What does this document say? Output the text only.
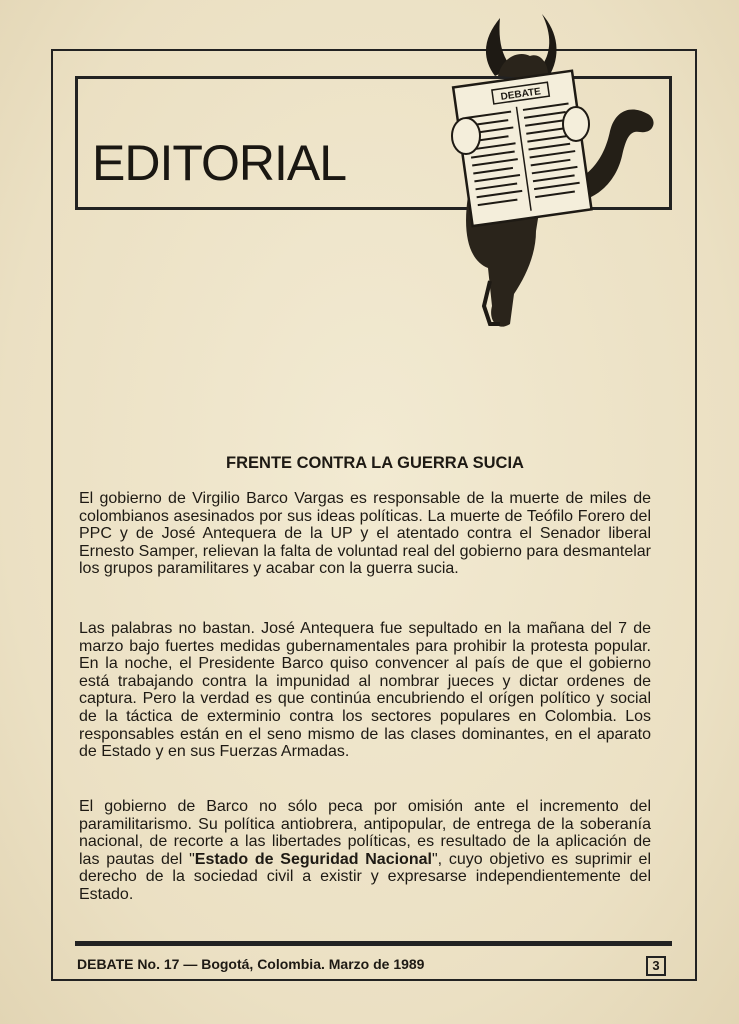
EDITORIAL
DEBATE
FRENTE CONTRA LA GUERRA SUCIA

El gobierno de Virgilio Barco Vargas es responsable de la muerte de miles de colombianos asesinados por sus ideas políticas. La muerte de Teófilo Forero del PPC y de José Antequera de la UP y el atentado contra el Senador liberal Ernesto Samper, relievan la falta de voluntad real del gobierno para desmantelar los grupos paramilitares y acabar con la guerra sucia.

Las palabras no bastan. José Antequera fue sepultado en la mañana del 7 de marzo bajo fuertes medidas gubernamentales para prohibir la protesta popular. En la noche, el Presidente Barco quiso convencer al país de que el gobierno está trabajando contra la impunidad al nombrar jueces y dictar ordenes de captura. Pero la verdad es que continúa encubriendo el orígen político y social de la táctica de exterminio contra los sectores populares en Colombia. Los responsables están en el seno mismo de las clases dominantes, en el aparato de Estado y en sus Fuerzas Armadas.

El gobierno de Barco no sólo peca por omisión ante el incremento del paramilitarismo. Su política antiobrera, antipopular, de entrega de la soberanía nacional, de recorte a las libertades políticas, es resultado de la aplicación de las pautas del "Estado de Seguridad Nacional", cuyo objetivo es suprimir el derecho de la sociedad civil a existir y expresarse independientemente del Estado.

DEBATE No. 17 — Bogotá, Colombia. Marzo de 1989	3
